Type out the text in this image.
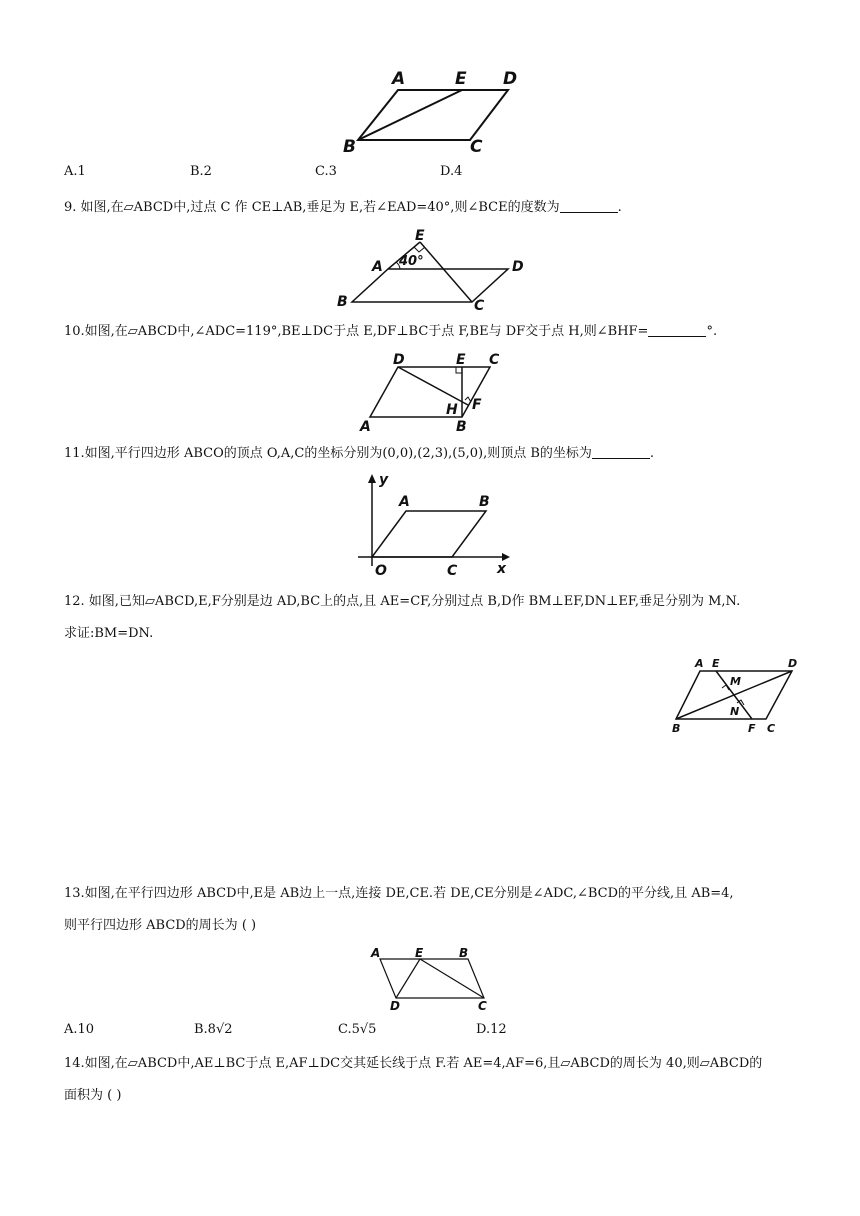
A	E D
B	C
A.1	B.2	C.3	D.4
9. 如图,在▱ABCD中,过点 C 作 CE⊥AB,垂足为 E,若∠EAD=40°,则∠BCE的度数为	.
E
A 40°	D
B	C
10.如图,在▱ABCD中,∠ADC=119°,BE⊥DC于点 E,DF⊥BC于点 F,BE与 DF交于点 H,则∠BHF=	°.
D	E C
H F
A	B
11.如图,平行四边形 ABCO的顶点 O,A,C的坐标分别为(0,0),(2,3),(5,0),则顶点 B的坐标为	.
y
A	B
O	C	x
12. 如图,已知▱ABCD,E,F分别是边 AD,BC上的点,且 AE=CF,分别过点 B,D作 BM⊥EF,DN⊥EF,垂足分别为 M,N.
求证:BM=DN.
A E	D
M
N
B	F C
13.如图,在平行四边形 ABCD中,E是 AB边上一点,连接 DE,CE.若 DE,CE分别是∠ADC,∠BCD的平分线,且 AB=4,
则平行四边形 ABCD的周长为 ( )
A	E	B
D	C
A.10	B.8√2	C.5√5	D.12
14.如图,在▱ABCD中,AE⊥BC于点 E,AF⊥DC交其延长线于点 F.若 AE=4,AF=6,且▱ABCD的周长为 40,则▱ABCD的
面积为 ( )
